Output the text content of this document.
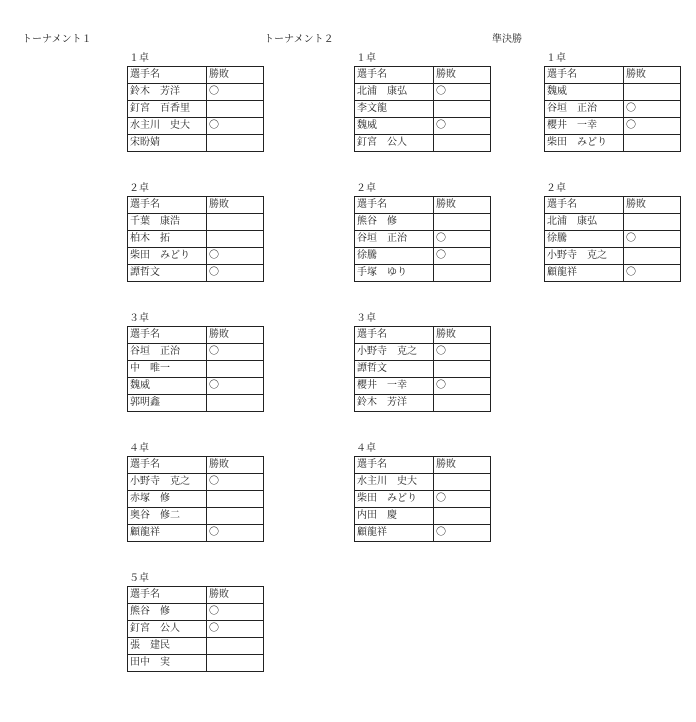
トーナメント１	トーナメント２	準決勝
１卓
選手名	勝敗
鈴木　芳洋	〇
釘宮　百香里	
水主川　史大	〇
宋盼婧	
２卓
選手名	勝敗
千葉　康浩	
柏木　拓	
柴田　みどり	〇
譚哲文	〇
３卓
選手名	勝敗
谷垣　正治	〇
中　唯一	
魏威	〇
郭明鑫	
４卓
選手名	勝敗
小野寺　克之	〇
赤塚　修	
奥谷　修二	
顧龍祥	〇
５卓
選手名	勝敗
熊谷　修	〇
釘宮　公人	〇
張　建民	
田中　実	
１卓
選手名	勝敗
北浦　康弘	〇
李文龍	
魏威	〇
釘宮　公人	
２卓
選手名	勝敗
熊谷　修	
谷垣　正治	〇
徐騰	〇
手塚　ゆり	
３卓
選手名	勝敗
小野寺　克之	〇
譚哲文	
櫻井　一幸	〇
鈴木　芳洋	
４卓
選手名	勝敗
水主川　史大	
柴田　みどり	〇
内田　慶	
顧龍祥	〇
１卓
選手名	勝敗
魏威	
谷垣　正治	〇
櫻井　一幸	〇
柴田　みどり	
２卓
選手名	勝敗
北浦　康弘	
徐騰	〇
小野寺　克之	
顧龍祥	〇
